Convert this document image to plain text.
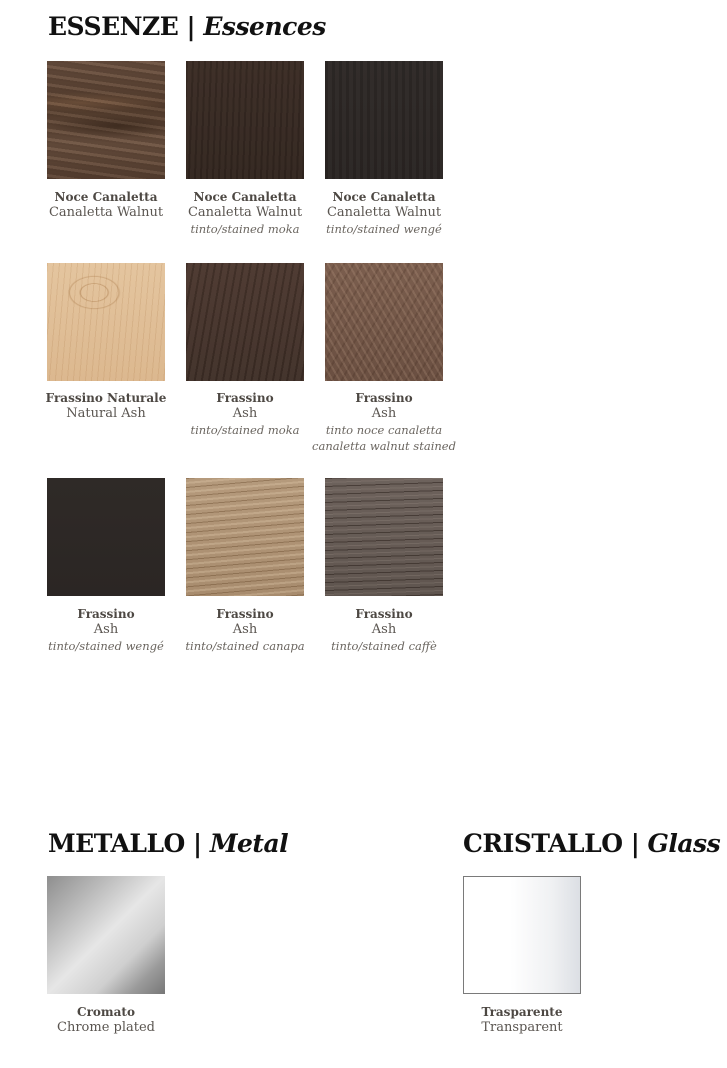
ESSENZE | Essences
Noce Canaletta
Canaletta Walnut
Noce Canaletta
Canaletta Walnut
tinto/stained moka
Noce Canaletta
Canaletta Walnut
tinto/stained wengé
Frassino Naturale
Natural Ash
Frassino
Ash
tinto/stained moka
Frassino
Ash
tinto noce canaletta
canaletta walnut stained
Frassino
Ash
tinto/stained wengé
Frassino
Ash
tinto/stained canapa
Frassino
Ash
tinto/stained caffè
METALLO | Metal
Cromato
Chrome plated
CRISTALLO | Glass
Trasparente
Transparent
